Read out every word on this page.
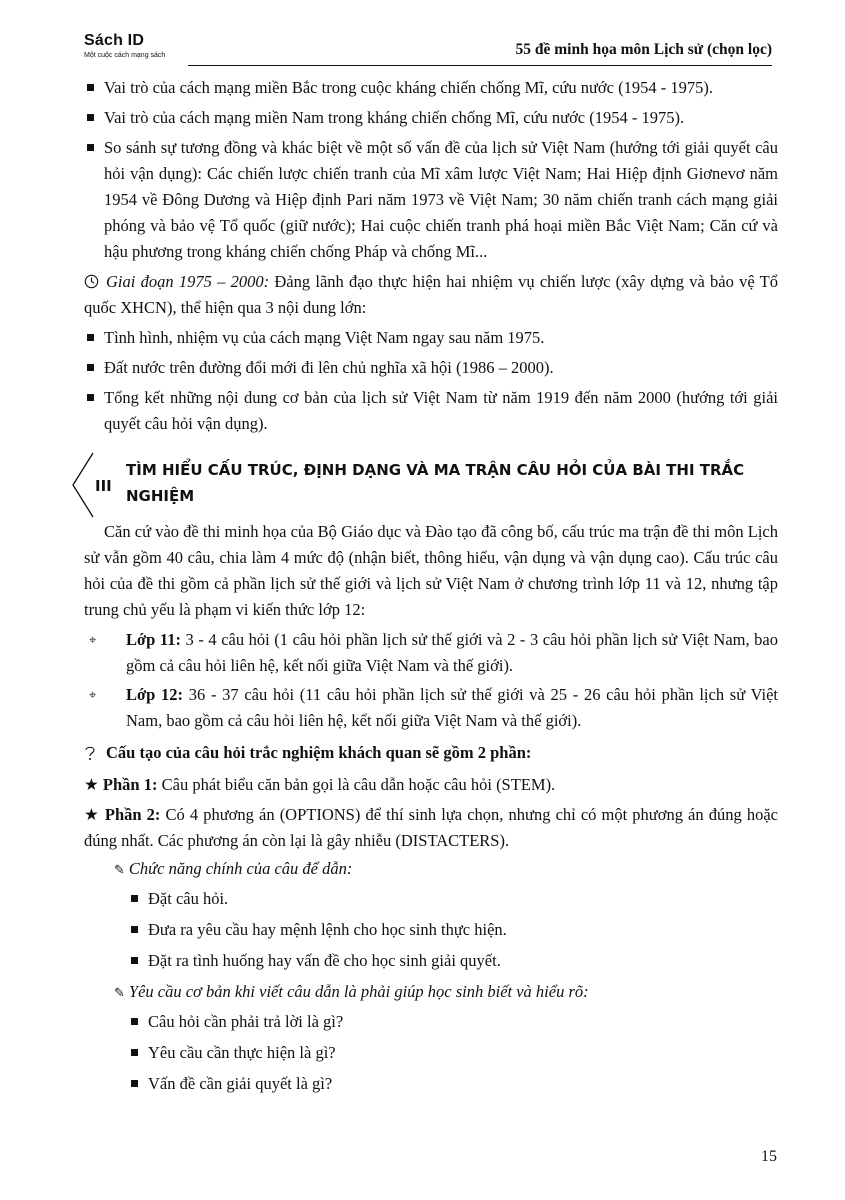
Sách ID
Một cuộc cách mạng sách	55 đề minh họa môn Lịch sử (chọn lọc)
Vai trò của cách mạng miền Bắc trong cuộc kháng chiến chống Mĩ, cứu nước (1954 - 1975).
Vai trò của cách mạng miền Nam trong kháng chiến chống Mĩ, cứu nước (1954 - 1975).
So sánh sự tương đồng và khác biệt về một số vấn đề của lịch sử Việt Nam (hướng tới giải quyết câu hỏi vận dụng): Các chiến lược chiến tranh của Mĩ xâm lược Việt Nam; Hai Hiệp định Giơnevơ năm 1954 về Đông Dương và Hiệp định Pari năm 1973 về Việt Nam; 30 năm chiến tranh cách mạng giải phóng và bảo vệ Tổ quốc (giữ nước); Hai cuộc chiến tranh phá hoại miền Bắc Việt Nam; Căn cứ và hậu phương trong kháng chiến chống Pháp và chống Mĩ...

Giai đoạn 1975 – 2000: Đảng lãnh đạo thực hiện hai nhiệm vụ chiến lược (xây dựng và bảo vệ Tổ quốc XHCN), thể hiện qua 3 nội dung lớn:

Tình hình, nhiệm vụ của cách mạng Việt Nam ngay sau năm 1975.
Đất nước trên đường đổi mới đi lên chủ nghĩa xã hội (1986 – 2000).
Tổng kết những nội dung cơ bản của lịch sử Việt Nam từ năm 1919 đến năm 2000 (hướng tới giải quyết câu hỏi vận dụng).
III
TÌM HIỂU CẤU TRÚC, ĐỊNH DẠNG VÀ MA TRẬN CÂU HỎI CỦA BÀI THI TRẮC NGHIỆM

Căn cứ vào đề thi minh họa của Bộ Giáo dục và Đào tạo đã công bố, cấu trúc ma trận đề thi môn Lịch sử vẫn gồm 40 câu, chia làm 4 mức độ (nhận biết, thông hiểu, vận dụng và vận dụng cao). Cấu trúc câu hỏi của đề thi gồm cả phần lịch sử thế giới và lịch sử Việt Nam ở chương trình lớp 11 và 12, nhưng tập trung chủ yếu là phạm vi kiến thức lớp 12:

⌖ Lớp 11: 3 - 4 câu hỏi (1 câu hỏi phần lịch sử thế giới và 2 - 3 câu hỏi phần lịch sử Việt Nam, bao gồm cả câu hỏi liên hệ, kết nối giữa Việt Nam và thế giới).
⌖ Lớp 12: 36 - 37 câu hỏi (11 câu hỏi phần lịch sử thế giới và 25 - 26 câu hỏi phần lịch sử Việt Nam, bao gồm cả câu hỏi liên hệ, kết nối giữa Việt Nam và thế giới).

Cấu tạo của câu hỏi trắc nghiệm khách quan sẽ gồm 2 phần:

★ Phần 1: Câu phát biểu căn bản gọi là câu dẫn hoặc câu hỏi (STEM).

★ Phần 2: Có 4 phương án (OPTIONS) để thí sinh lựa chọn, nhưng chỉ có một phương án đúng hoặc đúng nhất. Các phương án còn lại là gây nhiễu (DISTACTERS).

✎ Chức năng chính của câu để dẫn:

Đặt câu hỏi.
Đưa ra yêu cầu hay mệnh lệnh cho học sinh thực hiện.
Đặt ra tình huống hay vấn đề cho học sinh giải quyết.

✎ Yêu cầu cơ bản khi viết câu dẫn là phải giúp học sinh biết và hiểu rõ:

Câu hỏi cần phải trả lời là gì?
Yêu cầu cần thực hiện là gì?
Vấn đề cần giải quyết là gì?
15
